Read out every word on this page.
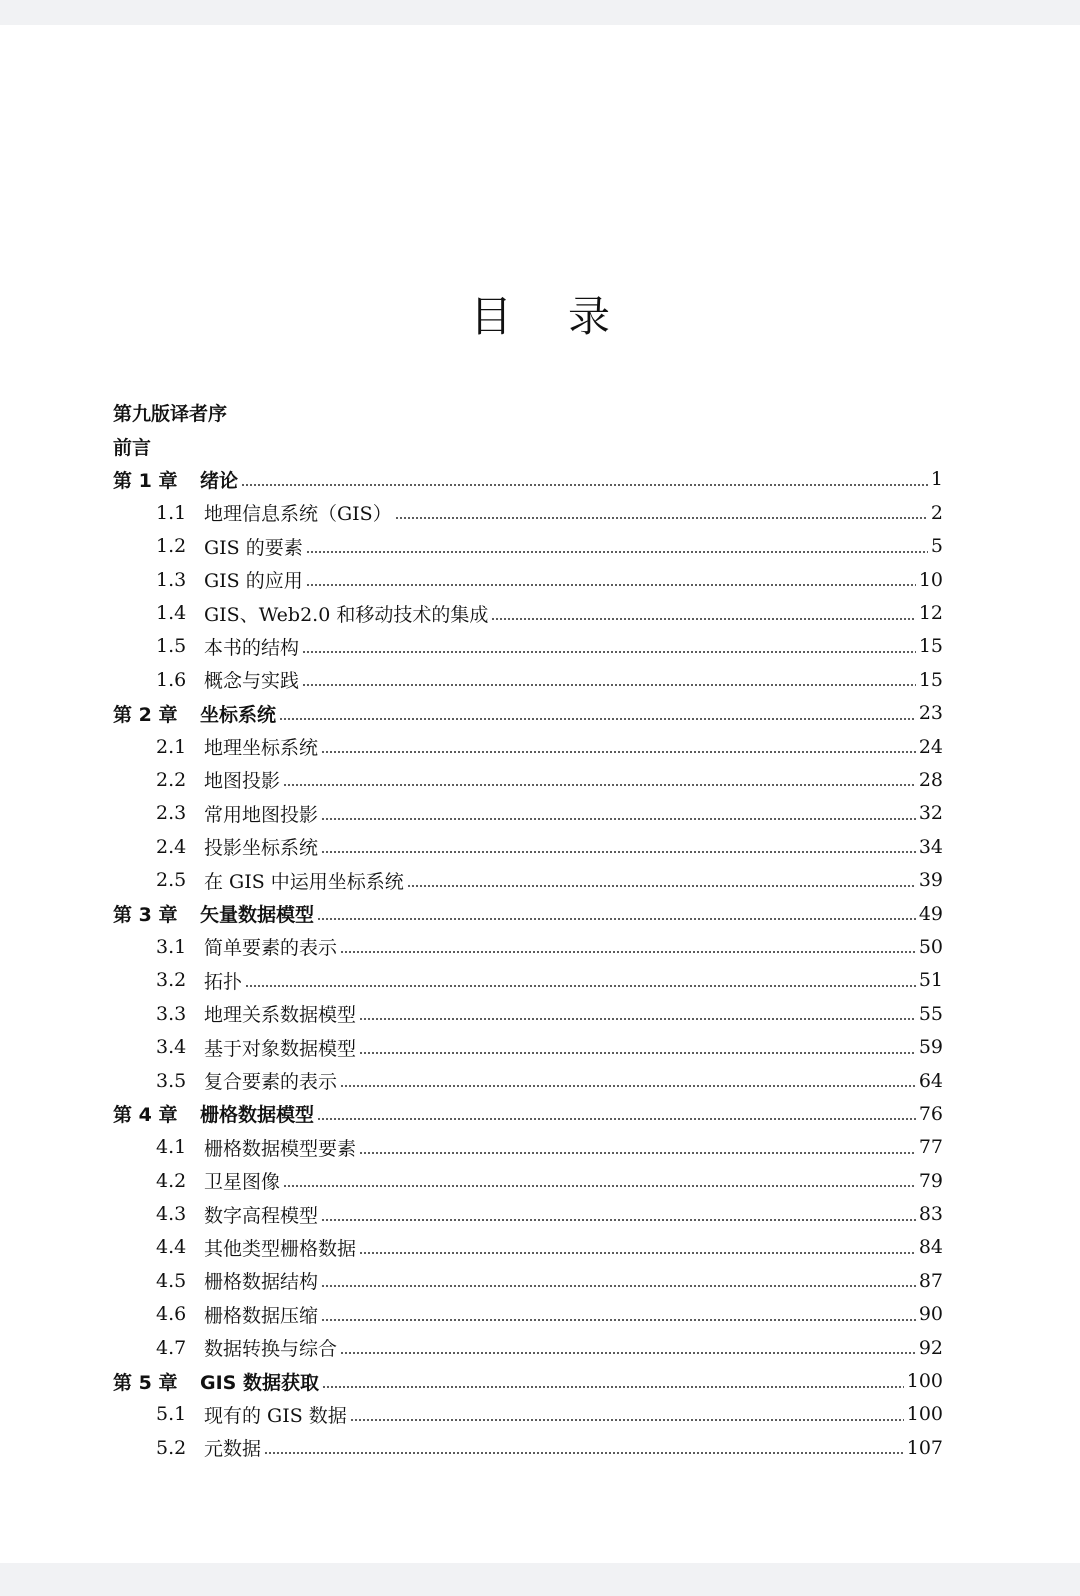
目 录
第九版译者序
前言
第 1 章	绪论	1
1.1 地理信息系统（GIS）	2
1.2 GIS 的要素	5
1.3 GIS 的应用	10
1.4 GIS、Web2.0 和移动技术的集成	12
1.5 本书的结构	15
1.6 概念与实践	15
第 2 章	坐标系统	23
2.1 地理坐标系统	24
2.2 地图投影	28
2.3 常用地图投影	32
2.4 投影坐标系统	34
2.5 在 GIS 中运用坐标系统	39
第 3 章	矢量数据模型	49
3.1 简单要素的表示	50
3.2 拓扑	51
3.3 地理关系数据模型	55
3.4 基于对象数据模型	59
3.5 复合要素的表示	64
第 4 章	栅格数据模型	76
4.1 栅格数据模型要素	77
4.2 卫星图像	79
4.3 数字高程模型	83
4.4 其他类型栅格数据	84
4.5 栅格数据结构	87
4.6 栅格数据压缩	90
4.7 数据转换与综合	92
第 5 章	GIS 数据获取	100
5.1 现有的 GIS 数据	100
5.2 元数据	107
